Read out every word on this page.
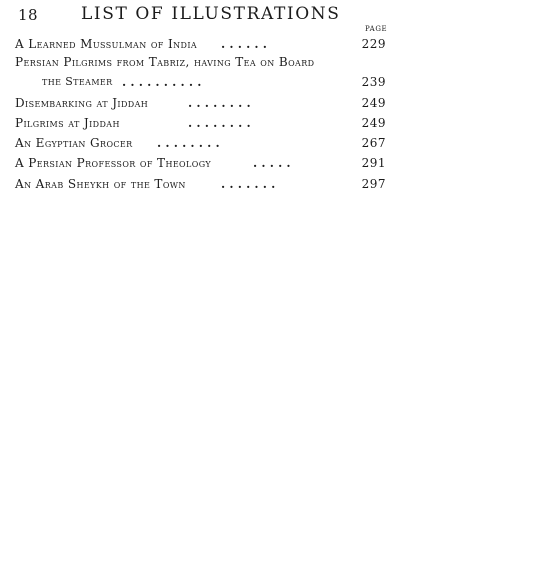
18	LIST OF ILLUSTRATIONS
PAGE
A Learned Mussulman of India . . . . . .	229
Persian Pilgrims from Tabriz, having Tea on Board
the Steamer . . . . . . . . . .	239
Disembarking at Jiddah	. . . . . . . .	249
Pilgrims at Jiddah	. . . . . . . .	249
An Egyptian Grocer . . . . . . . .	267
A Persian Professor of Theology	. . . . .	291
An Arab Sheykh of the Town	. . . . . . .	297
